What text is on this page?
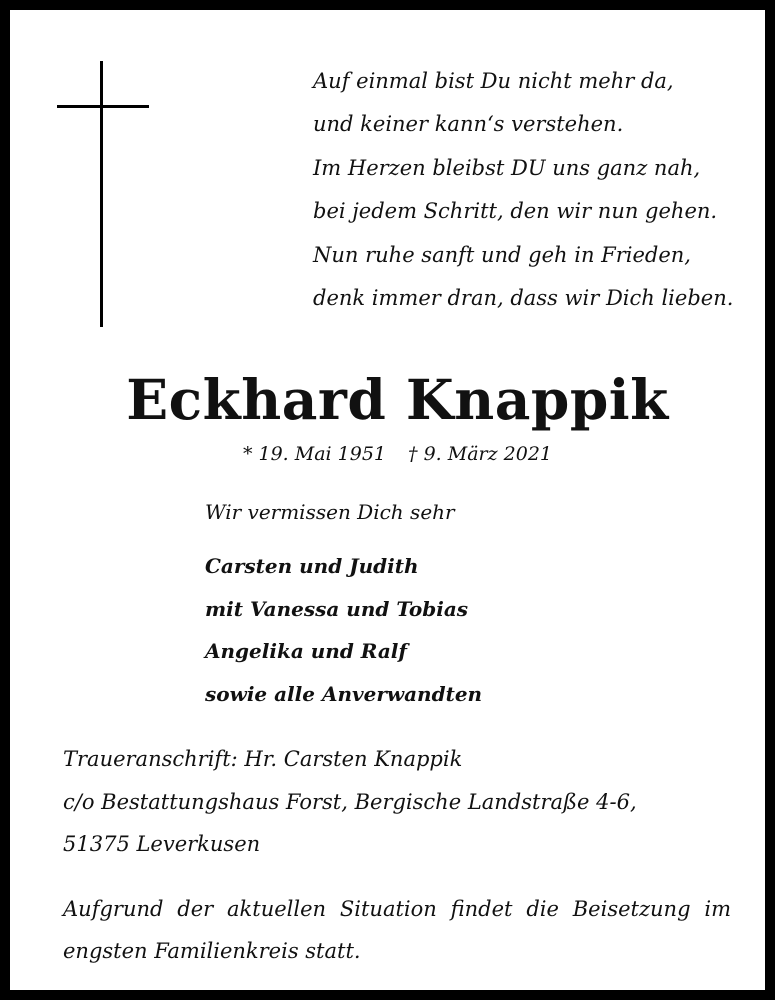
Auf einmal bist Du nicht mehr da,
und keiner kann‘s verstehen.
Im Herzen bleibst DU uns ganz nah,
bei jedem Schritt, den wir nun gehen.
Nun ruhe sanft und geh in Frieden,
denk immer dran, dass wir Dich lieben.
Eckhard Knappik
* 19. Mai 1951 † 9. März 2021
Wir vermissen Dich sehr
Carsten und Judith
mit Vanessa und Tobias
Angelika und Ralf
sowie alle Anverwandten
Traueranschrift: Hr. Carsten Knappik
c/o Bestattungshaus Forst, Bergische Landstraße 4-6,
51375 Leverkusen
Aufgrund der aktuellen Situation findet die Beisetzung im engsten Familienkreis statt.
